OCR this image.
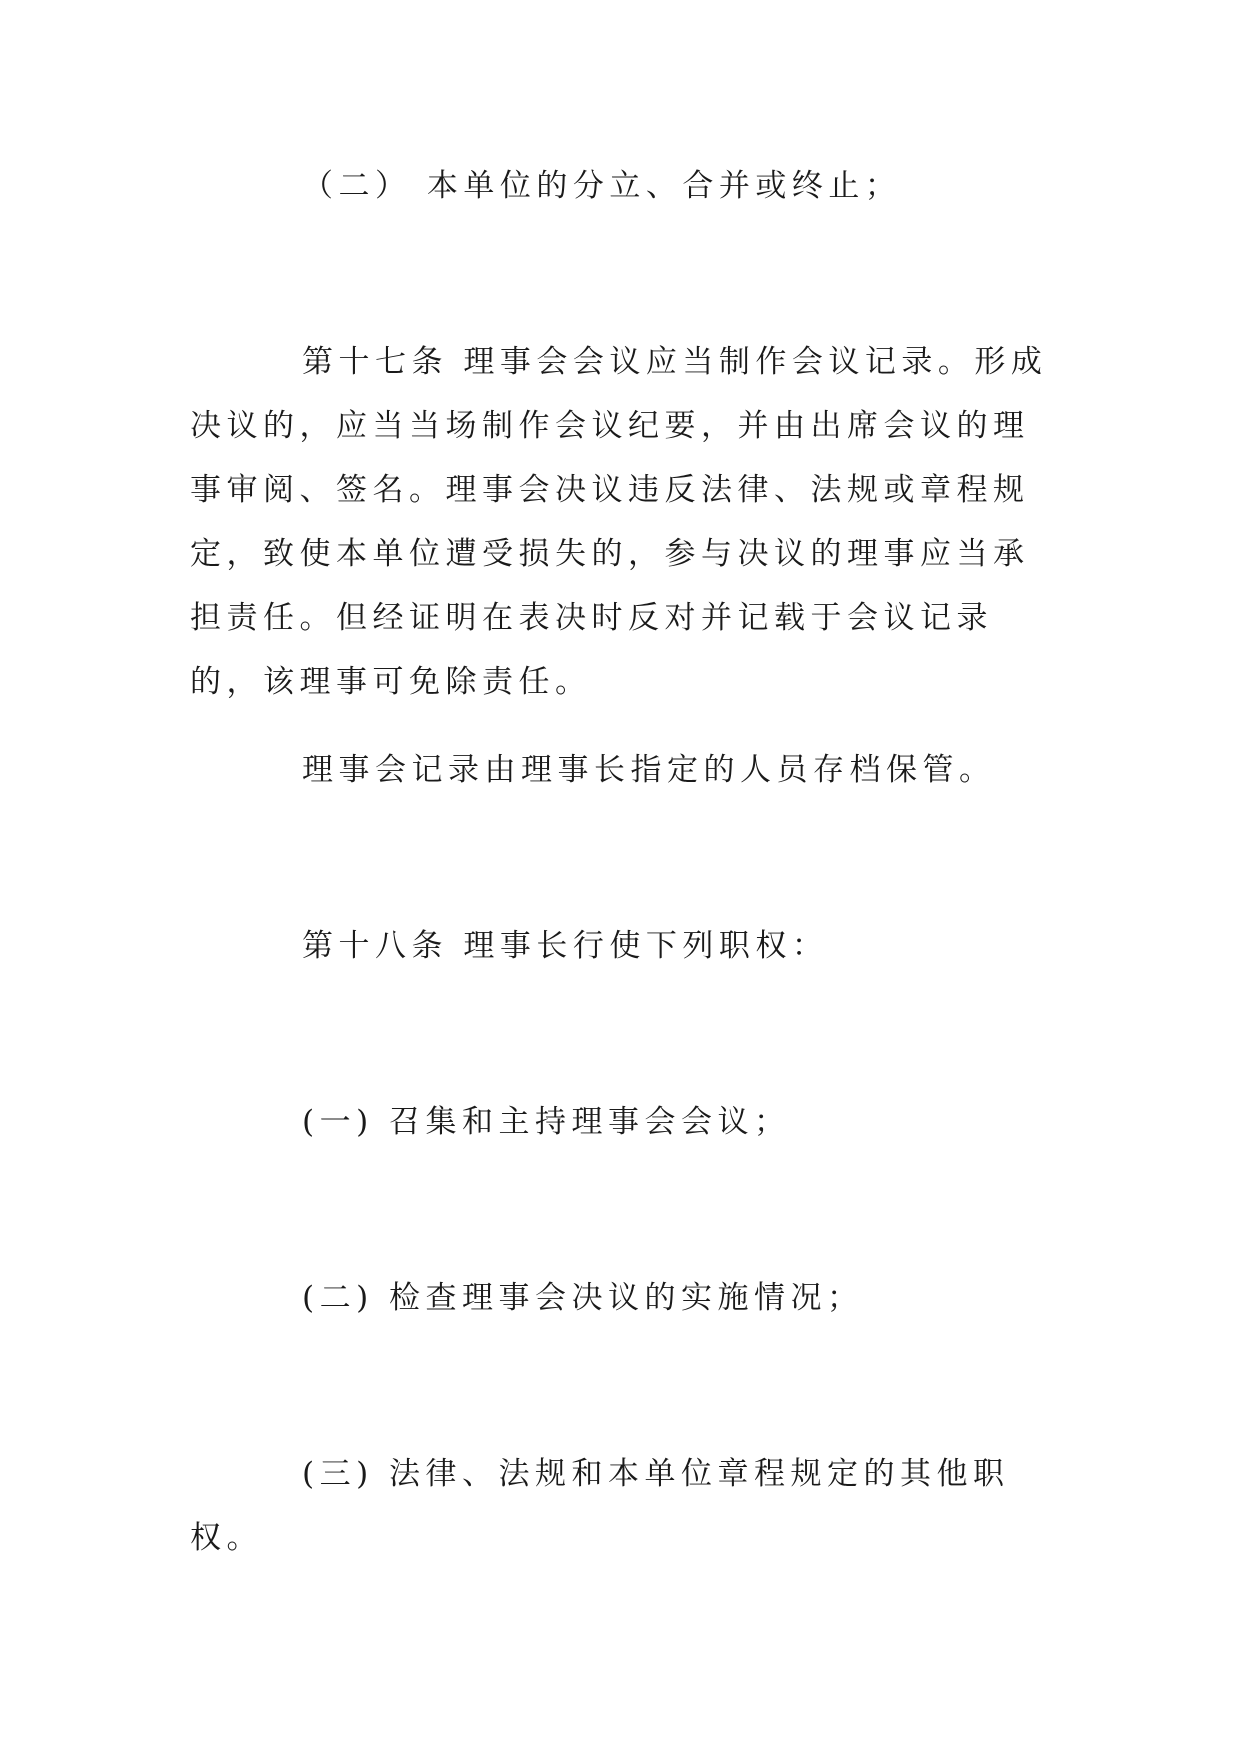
（二） 本单位的分立、合并或终止；

第十七条 理事会会议应当制作会议记录。形成决议的，应当当场制作会议纪要，并由出席会议的理事审阅、签名。理事会决议违反法律、法规或章程规定，致使本单位遭受损失的，参与决议的理事应当承担责任。但经证明在表决时反对并记载于会议记录的，该理事可免除责任。

理事会记录由理事长指定的人员存档保管。

第十八条 理事长行使下列职权：

(一) 召集和主持理事会会议；

(二) 检查理事会决议的实施情况；

(三) 法律、法规和本单位章程规定的其他职权。
